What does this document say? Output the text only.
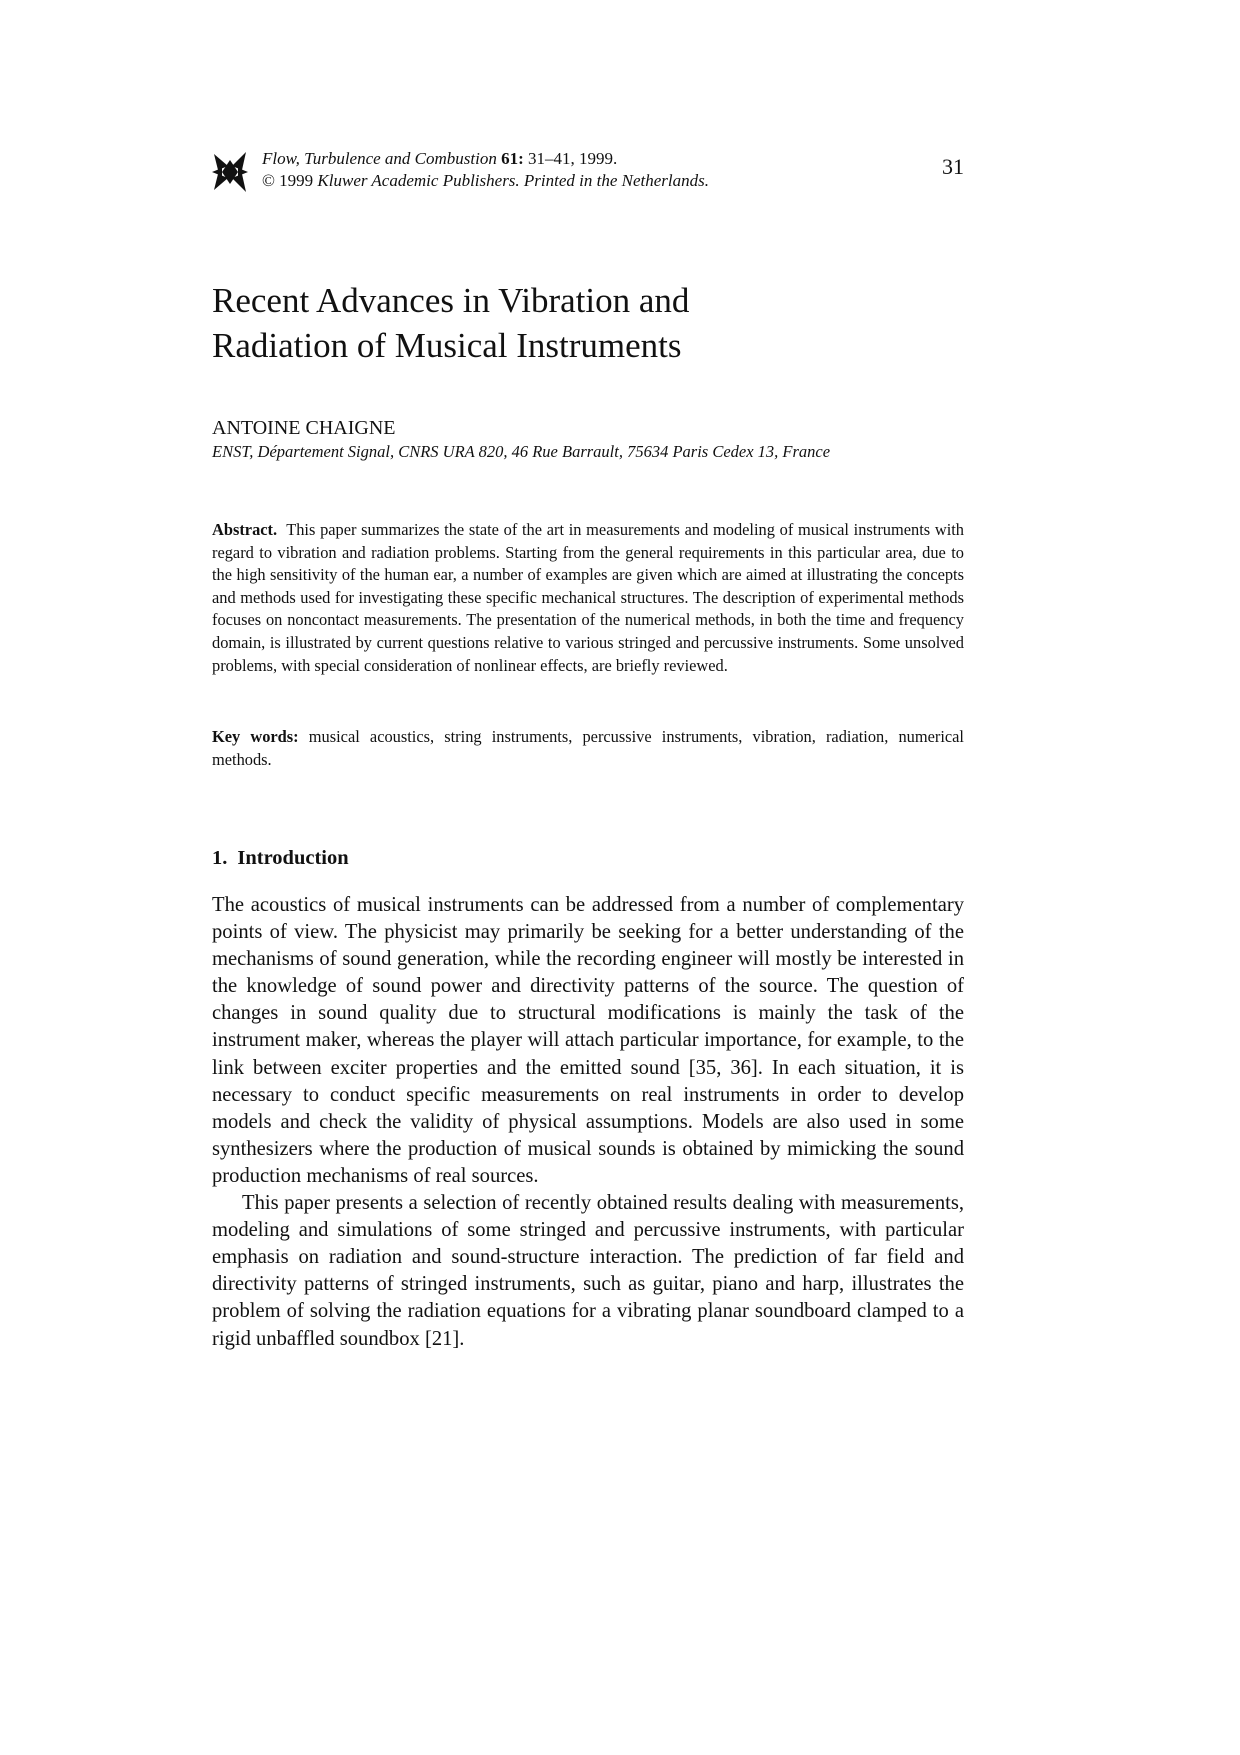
Flow, Turbulence and Combustion 61: 31–41, 1999.
© 1999 Kluwer Academic Publishers. Printed in the Netherlands.
31
Recent Advances in Vibration and
Radiation of Musical Instruments
ANTOINE CHAIGNE
ENST, Département Signal, CNRS URA 820, 46 Rue Barrault, 75634 Paris Cedex 13, France

Abstract. This paper summarizes the state of the art in measurements and modeling of musical instruments with regard to vibration and radiation problems. Starting from the general requirements in this particular area, due to the high sensitivity of the human ear, a number of examples are given which are aimed at illustrating the concepts and methods used for investigating these specific mechanical structures. The description of experimental methods focuses on noncontact measurements. The presentation of the numerical methods, in both the time and frequency domain, is illustrated by current questions relative to various stringed and percussive instruments. Some unsolved problems, with special consideration of nonlinear effects, are briefly reviewed.

Key words: musical acoustics, string instruments, percussive instruments, vibration, radiation, numerical methods.

1. Introduction

The acoustics of musical instruments can be addressed from a number of complementary points of view. The physicist may primarily be seeking for a better understanding of the mechanisms of sound generation, while the recording engineer will mostly be interested in the knowledge of sound power and directivity patterns of the source. The question of changes in sound quality due to structural modifications is mainly the task of the instrument maker, whereas the player will attach particular importance, for example, to the link between exciter properties and the emitted sound [35, 36]. In each situation, it is necessary to conduct specific measurements on real instruments in order to develop models and check the validity of physical assumptions. Models are also used in some synthesizers where the production of musical sounds is obtained by mimicking the sound production mechanisms of real sources.

This paper presents a selection of recently obtained results dealing with measurements, modeling and simulations of some stringed and percussive instruments, with particular emphasis on radiation and sound-structure interaction. The prediction of far field and directivity patterns of stringed instruments, such as guitar, piano and harp, illustrates the problem of solving the radiation equations for a vibrating planar soundboard clamped to a rigid unbaffled soundbox [21].
